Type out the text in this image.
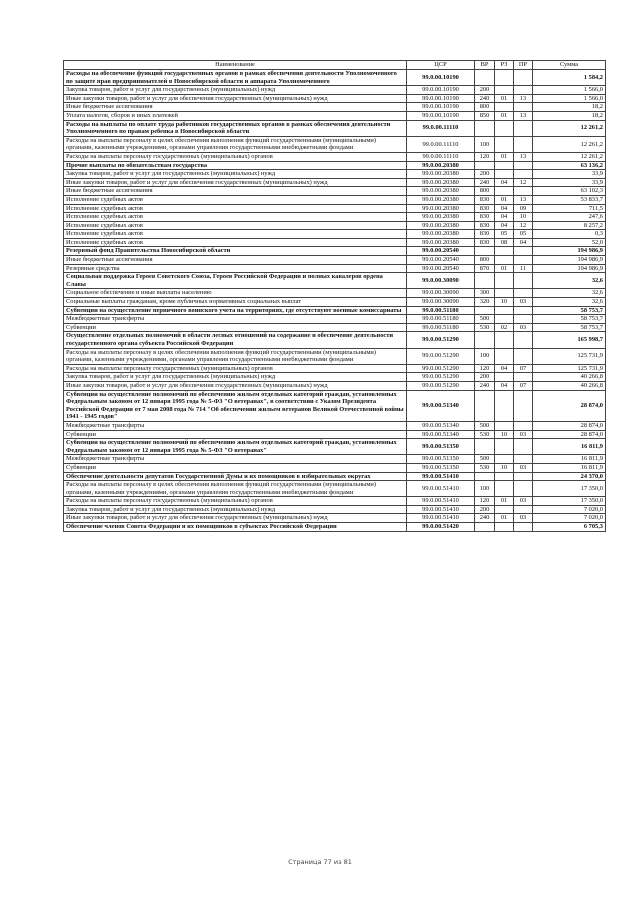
Наименование	ЦСР	ВР	РЗ	ПР	Сумма
Расходы на обеспечение функций государственных органов в рамках обеспечения деятельности Уполномоченного по защите прав предпринимателей в Новосибирской области и аппарата Уполномоченного	99.0.00.10190				1 584,2
Закупка товаров, работ и услуг для государственных (муниципальных) нужд	99.0.00.10190	200			1 566,0
Иные закупки товаров, работ и услуг для обеспечения государственных (муниципальных) нужд	99.0.00.10190	240	01	13	1 566,0
Иные бюджетные ассигнования	99.0.00.10190	800			18,2
Уплата налогов, сборов и иных платежей	99.0.00.10190	850	01	13	18,2
Расходы на выплаты по оплате труда работников государственных органов в рамках обеспечения деятельности Уполномоченного по правам ребенка в Новосибирской области	99.0.00.11110				12 261,2
Расходы на выплаты персоналу в целях обеспечения выполнения функций государственными (муниципальными) органами, казенными учреждениями, органами управления государственными внебюджетными фондами	99.0.00.11110	100			12 261,2
Расходы на выплаты персоналу государственных (муниципальных) органов	99.0.00.11110	120	01	13	12 261,2
Прочие выплаты по обязательствам государства	99.0.00.20380				63 136,2
Закупка товаров, работ и услуг для государственных (муниципальных) нужд	99.0.00.20380	200			33,9
Иные закупки товаров, работ и услуг для обеспечения государственных (муниципальных) нужд	99.0.00.20380	240	04	12	33,9
Иные бюджетные ассигнования	99.0.00.20380	800			63 102,3
Исполнение судебных актов	99.0.00.20380	830	01	13	53 833,7
Исполнение судебных актов	99.0.00.20380	830	04	09	711,5
Исполнение судебных актов	99.0.00.20380	830	04	10	247,6
Исполнение судебных актов	99.0.00.20380	830	04	12	8 257,2
Исполнение судебных актов	99.0.00.20380	830	05	05	0,3
Исполнение судебных актов	99.0.00.20380	830	08	04	52,0
Резервный фонд Правительства Новосибирской области	99.0.00.20540				194 986,9
Иные бюджетные ассигнования	99.0.00.20540	800			194 986,9
Резервные средства	99.0.00.20540	870	01	11	194 986,9
Социальная поддержка Героев Советского Союза, Героев Российской Федерации и полных кавалеров ордена Славы	99.0.00.30090				32,6
Социальное обеспечение и иные выплаты населению	99.0.00.30090	300			32,6
Социальные выплаты гражданам, кроме публичных нормативных социальных выплат	99.0.00.30090	320	10	03	32,6
Субвенции на осуществление первичного воинского учета на территориях, где отсутствуют военные комиссариаты	99.0.00.51180				58 753,7
Межбюджетные трансферты	99.0.00.51180	500			58 753,7
Субвенции	99.0.00.51180	530	02	03	58 753,7
Осуществление отдельных полномочий в области лесных отношений на содержание и обеспечение деятельности государственного органа субъекта Российской Федерации	99.0.00.51290				165 998,7
Расходы на выплаты персоналу в целях обеспечения выполнения функций государственными (муниципальными) органами, казенными учреждениями, органами управления государственными внебюджетными фондами	99.0.00.51290	100			125 731,9
Расходы на выплаты персоналу государственных (муниципальных) органов	99.0.00.51290	120	04	07	125 731,9
Закупка товаров, работ и услуг для государственных (муниципальных) нужд	99.0.00.51290	200			40 266,8
Иные закупки товаров, работ и услуг для обеспечения государственных (муниципальных) нужд	99.0.00.51290	240	04	07	40 266,8
Субвенции на осуществление полномочий по обеспечению жильем отдельных категорий граждан, установленных Федеральным законом от 12 января 1995 года № 5-ФЗ "О ветеранах", в соответствии с Указом Президента Российской Федерации от 7 мая 2008 года № 714 "Об обеспечении жильем ветеранов Великой Отечественной войны 1941 - 1945 годов"	99.0.00.51340				28 874,0
Межбюджетные трансферты	99.0.00.51340	500			28 874,0
Субвенции	99.0.00.51340	530	10	03	28 874,0
Субвенции на осуществление полномочий по обеспечению жильем отдельных категорий граждан, установленных Федеральным законом от 12 января 1995 года № 5-ФЗ "О ветеранах"	99.0.00.51350				16 811,9
Межбюджетные трансферты	99.0.00.51350	500			16 811,9
Субвенции	99.0.00.51350	530	10	03	16 811,9
Обеспечение деятельности депутатов Государственной Думы и их помощников в избирательных округах	99.0.00.51410				24 370,0
Расходы на выплаты персоналу в целях обеспечения выполнения функций государственными (муниципальными) органами, казенными учреждениями, органами управления государственными внебюджетными фондами	99.0.00.51410	100			17 350,0
Расходы на выплаты персоналу государственных (муниципальных) органов	99.0.00.51410	120	01	03	17 350,0
Закупка товаров, работ и услуг для государственных (муниципальных) нужд	99.0.00.51410	200			7 020,0
Иные закупки товаров, работ и услуг для обеспечения государственных (муниципальных) нужд	99.0.00.51410	240	01	03	7 020,0
Обеспечение членов Совета Федерации и их помощников в субъектах Российской Федерации	99.0.00.51420				6 705,3
Страница 77 из 81
